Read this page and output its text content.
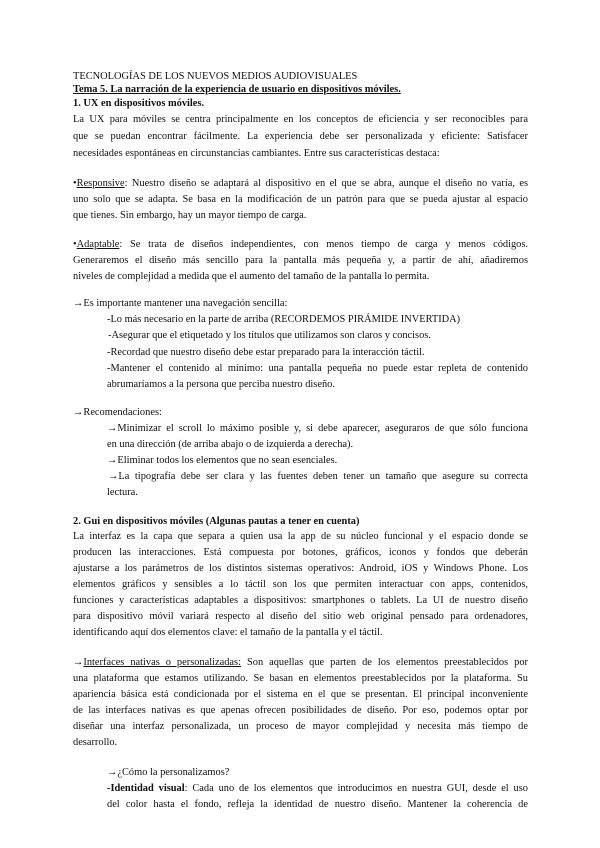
TECNOLOGÍAS DE LOS NUEVOS MEDIOS AUDIOVISUALES
Tema 5. La narración de la experiencia de usuario en dispositivos móviles.
1. UX en dispositivos móviles.
La UX para móviles se centra principalmente en los conceptos de eficiencia y ser reconocibles para
que se puedan encontrar fácilmente. La experiencia debe ser personalizada y eficiente: Satisfacer
necesidades espontáneas en circunstancias cambiantes. Entre sus características destaca:
•Responsive: Nuestro diseño se adaptará al dispositivo en el que se abra, aunque el diseño no varía, es
uno solo que se adapta. Se basa en la modificación de un patrón para que se pueda ajustar al espacio
que tienes. Sin embargo, hay un mayor tiempo de carga.
•Adaptable: Se trata de diseños independientes, con menos tiempo de carga y menos códigos.
Generaremos el diseño más sencillo para la pantalla más pequeña y, a partir de ahí, añadiremos
niveles de complejidad a medida que el aumento del tamaño de la pantalla lo permita.
→Es importante mantener una navegación sencilla:
-Lo más necesario en la parte de arriba (RECORDEMOS PIRÁMIDE INVERTIDA)
-Asegurar que el etiquetado y los títulos que utilizamos son claros y concisos.
-Recordad que nuestro diseño debe estar preparado para la interacción táctil.
-Mantener el contenido al mínimo: una pantalla pequeña no puede estar repleta de contenido
abrumaríamos a la persona que perciba nuestro diseño.
→Recomendaciones:
→Minimizar el scroll lo máximo posible y, si debe aparecer, aseguraros de que sólo funciona
en una dirección (de arriba abajo o de izquierda a derecha).
→Eliminar todos los elementos que no sean esenciales.
→La tipografía debe ser clara y las fuentes deben tener un tamaño que asegure su correcta
lectura.
2. Gui en dispositivos móviles (Algunas pautas a tener en cuenta)
La interfaz es la capa que separa a quien usa la app de su núcleo funcional y el espacio donde se
producen las interacciones. Está compuesta por botones, gráficos, iconos y fondos que deberán
ajustarse a los parámetros de los distintos sistemas operativos: Android, iOS y Windows Phone. Los
elementos gráficos y sensibles a lo táctil son los que permiten interactuar con apps, contenidos,
funciones y características adaptables a dispositivos: smartphones o tablets. La UI de nuestro diseño
para dispositivo móvil variará respecto al diseño del sitio web original pensado para ordenadores,
identificando aquí dos elementos clave: el tamaño de la pantalla y el táctil.
→Interfaces nativas o personalizadas: Son aquellas que parten de los elementos preestablecidos por
una plataforma que estamos utilizando. Se basan en elementos preestablecidos por la plataforma. Su
apariencia básica está condicionada por el sistema en el que se presentan. El principal inconveniente
de las interfaces nativas es que apenas ofrecen posibilidades de diseño. Por eso, podemos optar por
diseñar una interfaz personalizada, un proceso de mayor complejidad y necesita más tiempo de
desarrollo.
→¿Cómo la personalizamos?
-Identidad visual: Cada uno de los elementos que introducimos en nuestra GUI, desde el uso
del color hasta el fondo, refleja la identidad de nuestro diseño. Mantener la coherencia de
